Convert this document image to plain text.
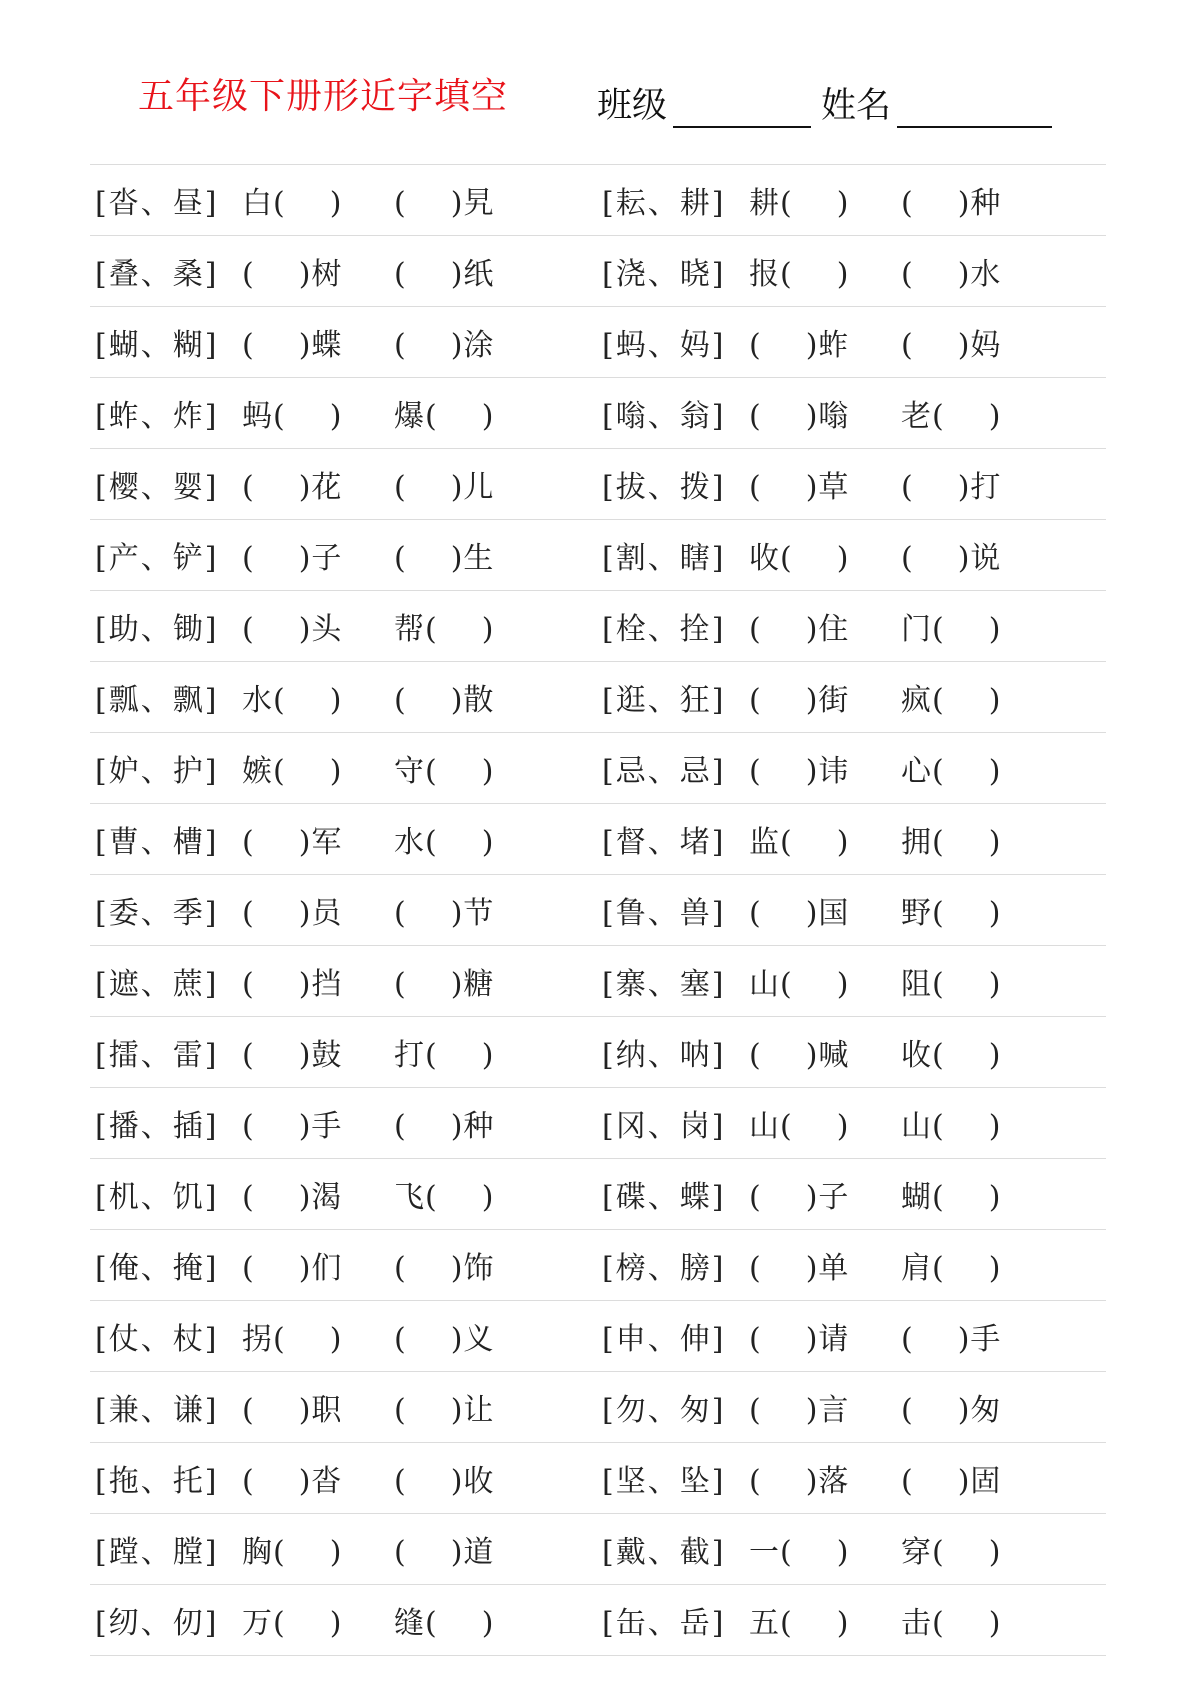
五年级下册形近字填空	班级	姓名
[沓、昼] 白( )	( )旯	[耘、耕] 耕( )	( )种
[叠、桑] ( )树	( )纸	[浇、晓] 报( )	( )水
[蝴、糊] ( )蝶	( )涂	[蚂、妈] ( )蚱	( )妈
[蚱、炸] 蚂( )	爆( )	[嗡、翁] ( )嗡	老( )
[樱、婴] ( )花	( )儿	[拔、拨] ( )草	( )打
[产、铲] ( )子	( )生	[割、瞎] 收( )	( )说
[助、锄] ( )头	帮( )	[栓、拴] ( )住	门( )
[瓢、飘] 水( )	( )散	[逛、狂] ( )街	疯( )
[妒、护] 嫉( )	守( )	[忌、忌] ( )讳	心( )
[曹、槽] ( )军	水( )	[督、堵] 监( )	拥( )
[委、季] ( )员	( )节	[鲁、兽] ( )国	野( )
[遮、蔗] ( )挡	( )糖	[寨、塞] 山( )	阻( )
[擂、雷] ( )鼓	打( )	[纳、呐] ( )喊	收( )
[播、插] ( )手	( )种	[冈、岗] 山( )	山( )
[机、饥] ( )渴	飞( )	[碟、蝶] ( )子	蝴( )
[俺、掩] ( )们	( )饰	[榜、膀] ( )单	肩( )
[仗、杖] 拐( )	( )义	[申、伸] ( )请	( )手
[兼、谦] ( )职	( )让	[勿、匆] ( )言	( )匆
[拖、托] ( )沓	( )收	[坚、坠] ( )落	( )固
[蹚、膛] 胸( )	( )道	[戴、截] 一( )	穿( )
[纫、仞] 万( )	缝( )	[缶、岳] 五( )	击( )
